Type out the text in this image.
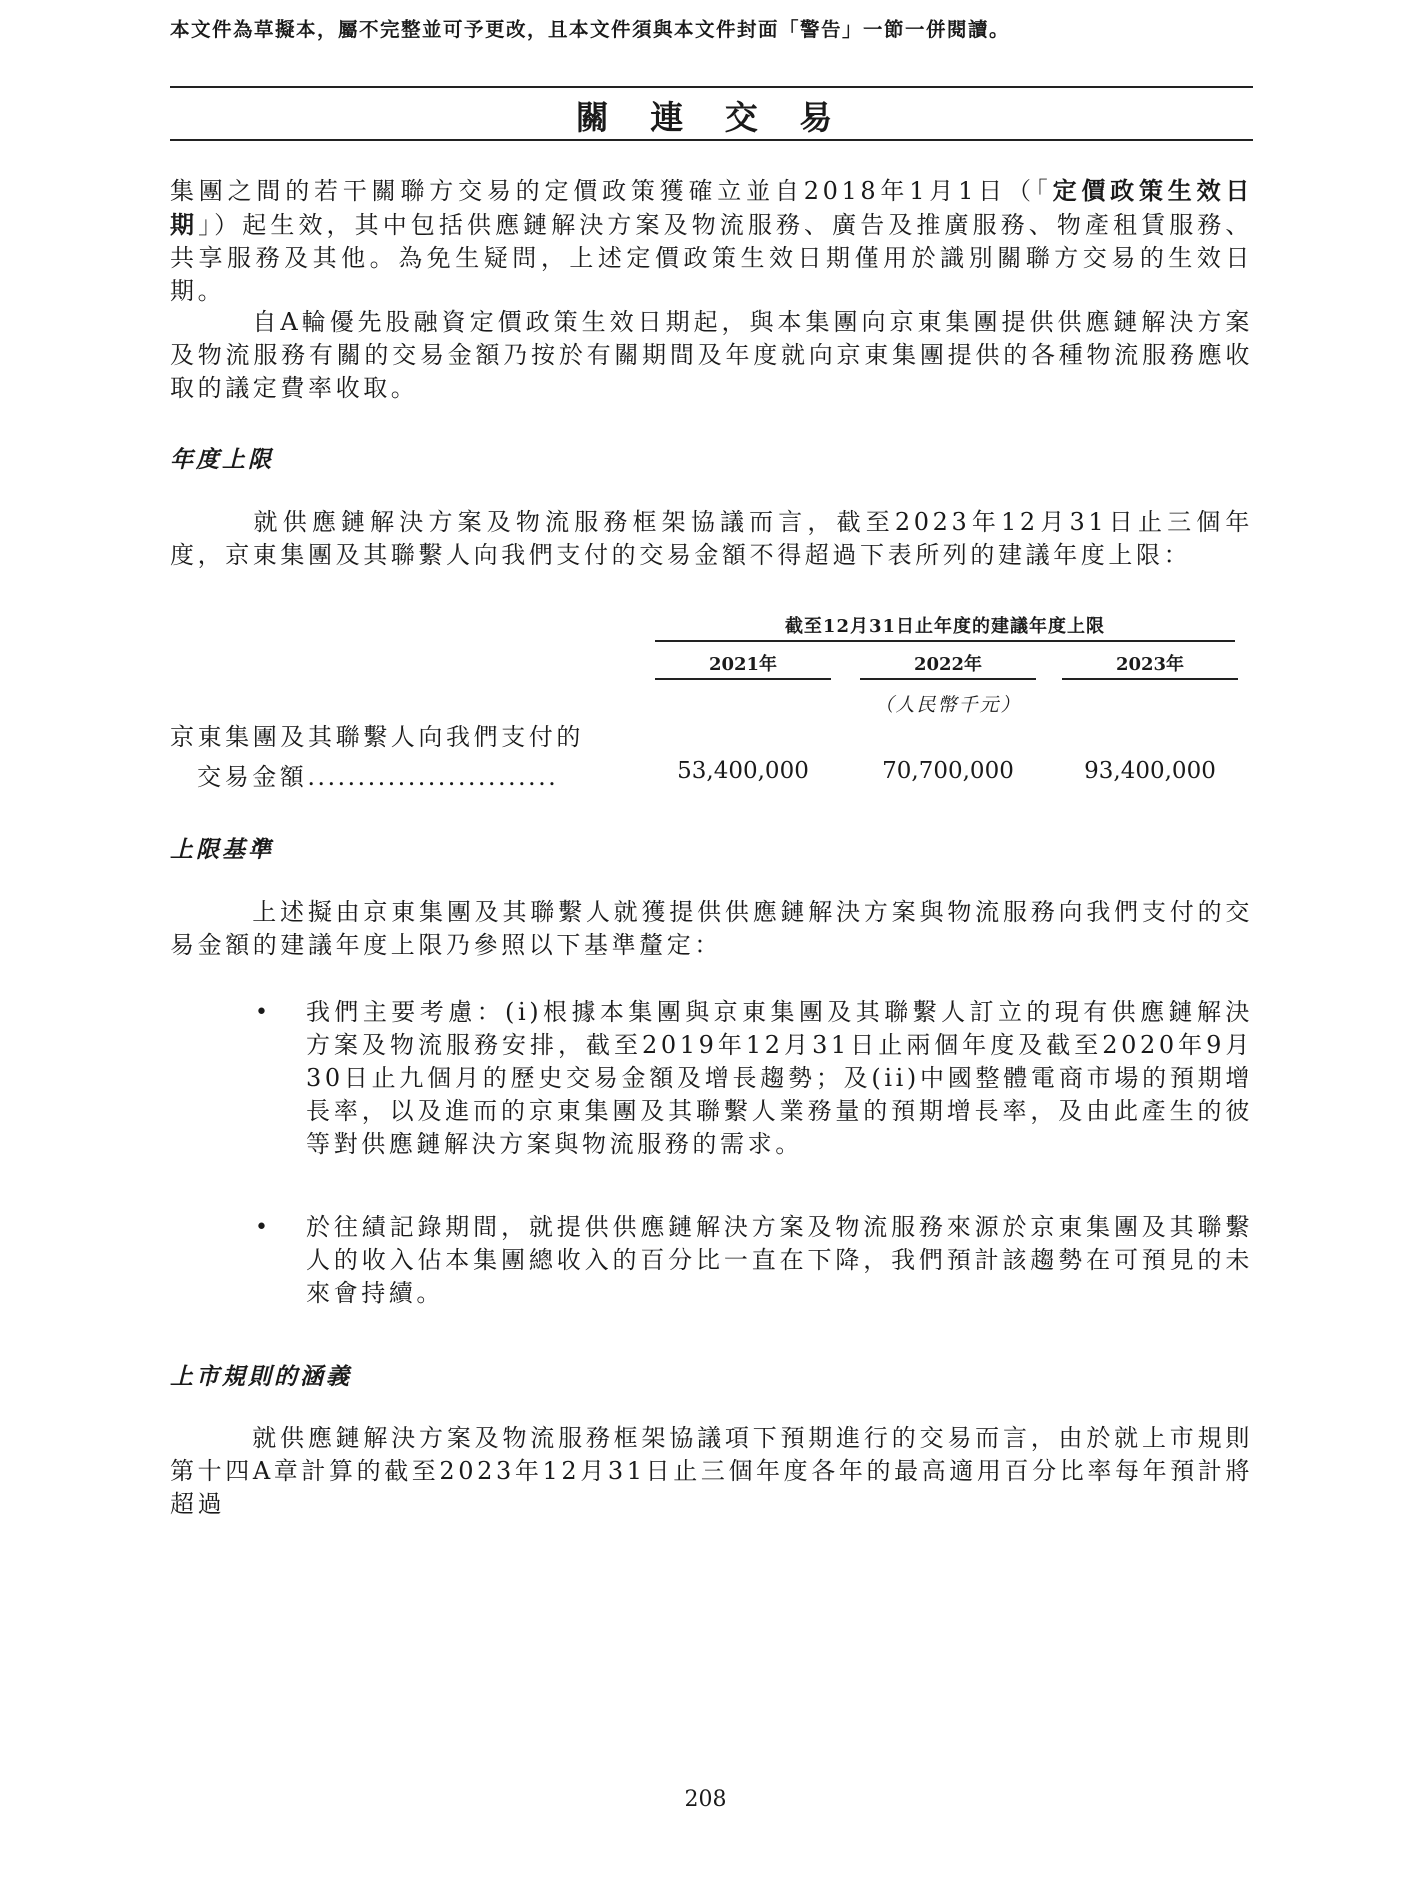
本文件為草擬本，屬不完整並可予更改，且本文件須與本文件封面「警告」一節一併閱讀。
關 連 交 易
集團之間的若干關聯方交易的定價政策獲確立並自2018年1月1日（「定價政策生效日期」）起生效，其中包括供應鏈解決方案及物流服務、廣告及推廣服務、物產租賃服務、共享服務及其他。為免生疑問，上述定價政策生效日期僅用於識別關聯方交易的生效日期。
自A輪優先股融資定價政策生效日期起，與本集團向京東集團提供供應鏈解決方案及物流服務有關的交易金額乃按於有關期間及年度就向京東集團提供的各種物流服務應收取的議定費率收取。
年度上限
就供應鏈解決方案及物流服務框架協議而言，截至2023年12月31日止三個年度，京東集團及其聯繫人向我們支付的交易金額不得超過下表所列的建議年度上限：
截至12月31日止年度的建議年度上限
2021年	2022年	2023年
（人民幣千元）
京東集團及其聯繫人向我們支付的
交易金額.........................	53,400,000	70,700,000	93,400,000
上限基準
上述擬由京東集團及其聯繫人就獲提供供應鏈解決方案與物流服務向我們支付的交易金額的建議年度上限乃參照以下基準釐定：
• 我們主要考慮：(i)根據本集團與京東集團及其聯繫人訂立的現有供應鏈解決方案及物流服務安排，截至2019年12月31日止兩個年度及截至2020年9月30日止九個月的歷史交易金額及增長趨勢；及(ii)中國整體電商市場的預期增長率，以及進而的京東集團及其聯繫人業務量的預期增長率，及由此產生的彼等對供應鏈解決方案與物流服務的需求。
• 於往績記錄期間，就提供供應鏈解決方案及物流服務來源於京東集團及其聯繫人的收入佔本集團總收入的百分比一直在下降，我們預計該趨勢在可預見的未來會持續。
上市規則的涵義
就供應鏈解決方案及物流服務框架協議項下預期進行的交易而言，由於就上市規則第十四A章計算的截至2023年12月31日止三個年度各年的最高適用百分比率每年預計將超過
208
